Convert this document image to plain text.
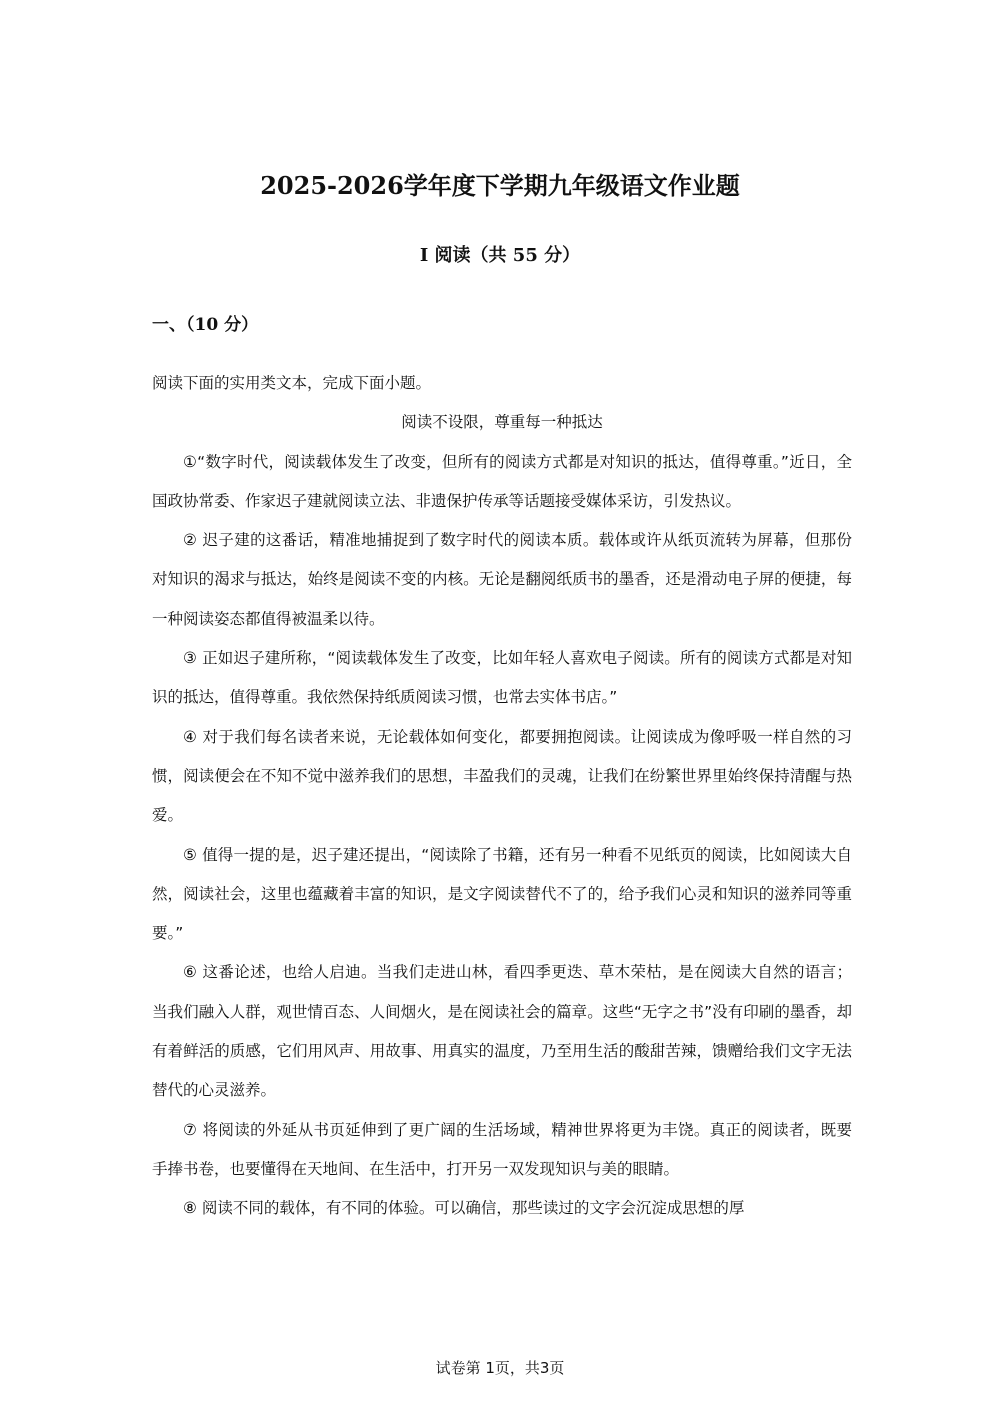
2025-2026学年度下学期九年级语文作业题
I 阅读（共 55 分）
一、（10 分）

阅读下面的实用类文本，完成下面小题。

阅读不设限，尊重每一种抵达

①“数字时代，阅读载体发生了改变，但所有的阅读方式都是对知识的抵达，值得尊重。”近日，全国政协常委、作家迟子建就阅读立法、非遗保护传承等话题接受媒体采访，引发热议。

② 迟子建的这番话，精准地捕捉到了数字时代的阅读本质。载体或许从纸页流转为屏幕，但那份对知识的渴求与抵达，始终是阅读不变的内核。无论是翻阅纸质书的墨香，还是滑动电子屏的便捷，每一种阅读姿态都值得被温柔以待。

③ 正如迟子建所称，“阅读载体发生了改变，比如年轻人喜欢电子阅读。所有的阅读方式都是对知识的抵达，值得尊重。我依然保持纸质阅读习惯，也常去实体书店。”

④ 对于我们每名读者来说，无论载体如何变化，都要拥抱阅读。让阅读成为像呼吸一样自然的习惯，阅读便会在不知不觉中滋养我们的思想，丰盈我们的灵魂，让我们在纷繁世界里始终保持清醒与热爱。

⑤ 值得一提的是，迟子建还提出，“阅读除了书籍，还有另一种看不见纸页的阅读，比如阅读大自然，阅读社会，这里也蕴藏着丰富的知识，是文字阅读替代不了的，给予我们心灵和知识的滋养同等重要。”

⑥ 这番论述，也给人启迪。当我们走进山林，看四季更迭、草木荣枯，是在阅读大自然的语言；当我们融入人群，观世情百态、人间烟火，是在阅读社会的篇章。这些“无字之书”没有印刷的墨香，却有着鲜活的质感，它们用风声、用故事、用真实的温度，乃至用生活的酸甜苦辣，馈赠给我们文字无法替代的心灵滋养。

⑦ 将阅读的外延从书页延伸到了更广阔的生活场域，精神世界将更为丰饶。真正的阅读者，既要手捧书卷，也要懂得在天地间、在生活中，打开另一双发现知识与美的眼睛。

⑧ 阅读不同的载体，有不同的体验。可以确信，那些读过的文字会沉淀成思想的厚

试卷第 1页，共3页
